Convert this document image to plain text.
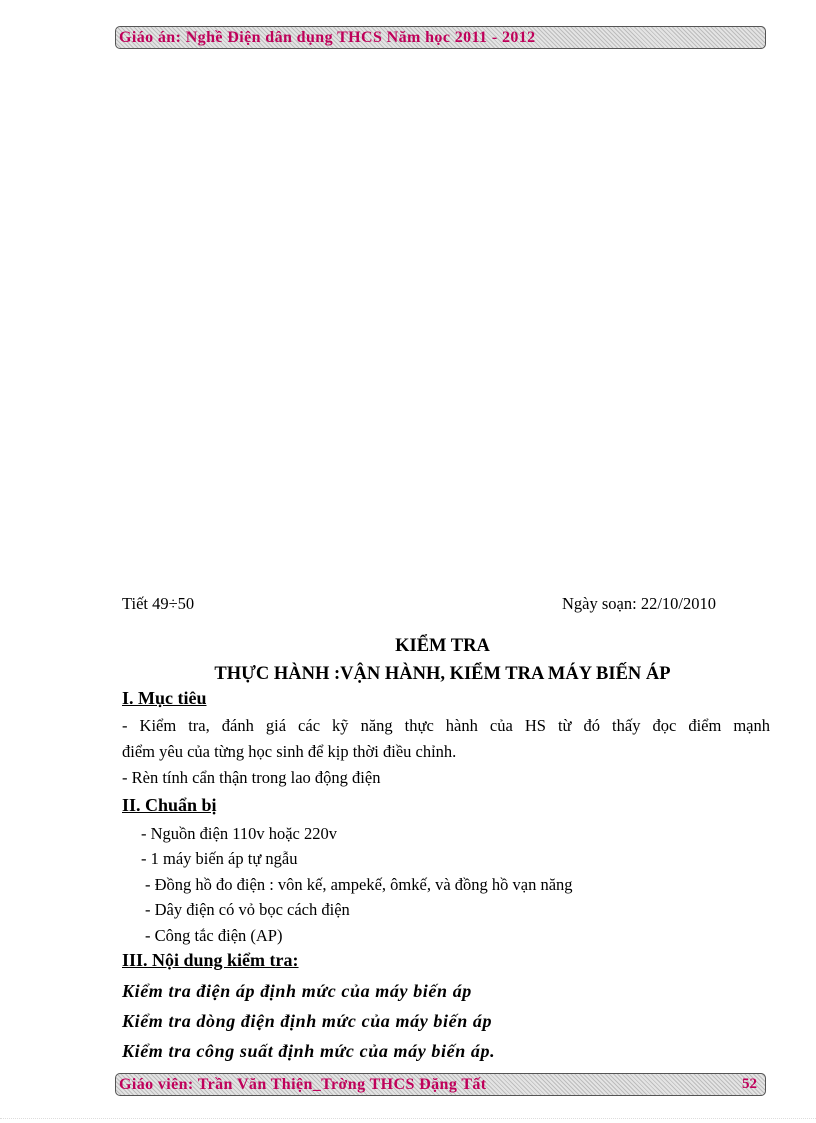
Giáo án: Nghề Điện dân dụng THCS Năm học 2011 - 2012
Tiết 49÷50	Ngày soạn: 22/10/2010
KIỂM TRA
THỰC HÀNH :VẬN HÀNH, KIỂM TRA MÁY BIẾN ÁP
I. Mục tiêu
- Kiểm tra, đánh giá các kỹ năng thực hành của HS từ đó thấy đọc điểm mạnh
điểm yêu của từng học sinh để kịp thời điều chỉnh.
- Rèn tính cẩn thận trong lao động điện
II. Chuẩn bị
- Nguồn điện 110v hoặc 220v
- 1 máy biến áp tự ngẫu
- Đồng hồ đo điện : vôn kế, ampekế, ômkế, và đồng hồ vạn năng
- Dây điện có vỏ bọc cách điện
- Công tắc điện (AP)
III. Nội dung kiểm tra:
Kiểm tra điện áp định mức của máy biến áp
Kiểm tra dòng điện định mức của máy biến áp
Kiểm tra công suất định mức của máy biến áp.
Giáo viên: Trần Văn Thiện_Trờng THCS Đặng Tất	52
